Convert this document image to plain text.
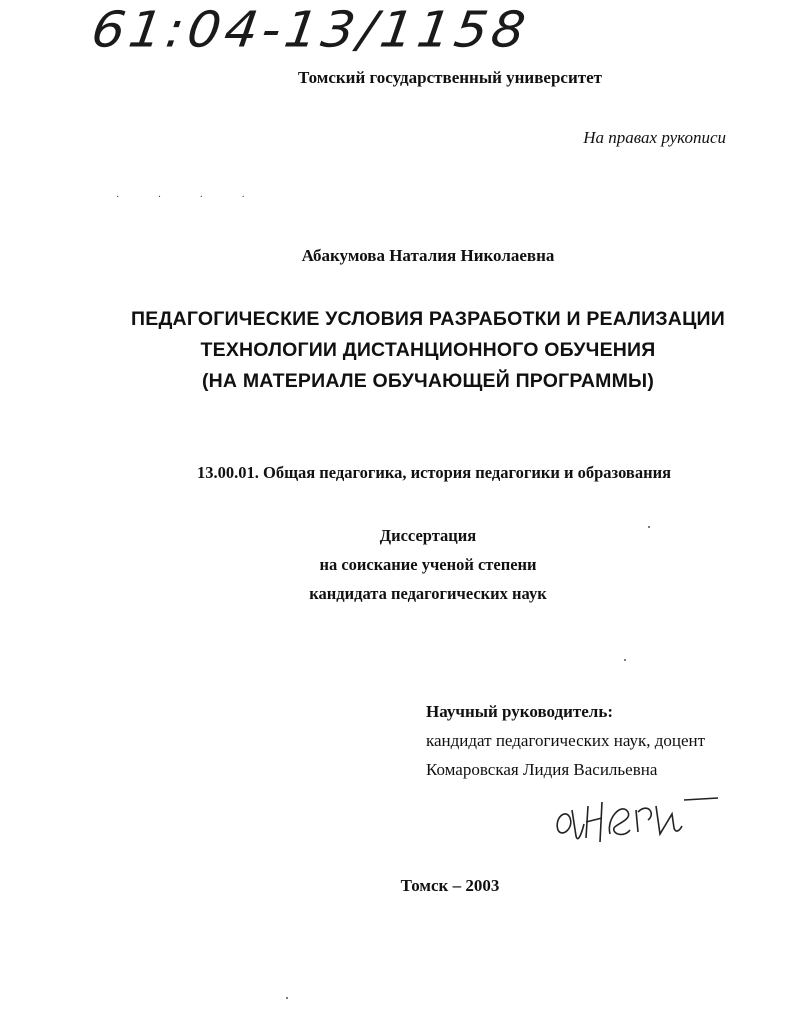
61:04-13/1158
Томский государственный университет
На правах рукописи
· · · ·
Абакумова Наталия Николаевна
ПЕДАГОГИЧЕСКИЕ УСЛОВИЯ РАЗРАБОТКИ И РЕАЛИЗАЦИИ
ТЕХНОЛОГИИ ДИСТАНЦИОННОГО ОБУЧЕНИЯ
(НА МАТЕРИАЛЕ ОБУЧАЮЩЕЙ ПРОГРАММЫ)
13.00.01. Общая педагогика, история педагогики и образования
Диссертация
на соискание ученой степени
кандидата педагогических наук
Научный руководитель:
кандидат педагогических наук, доцент
Комаровская Лидия Васильевна
Томск – 2003
